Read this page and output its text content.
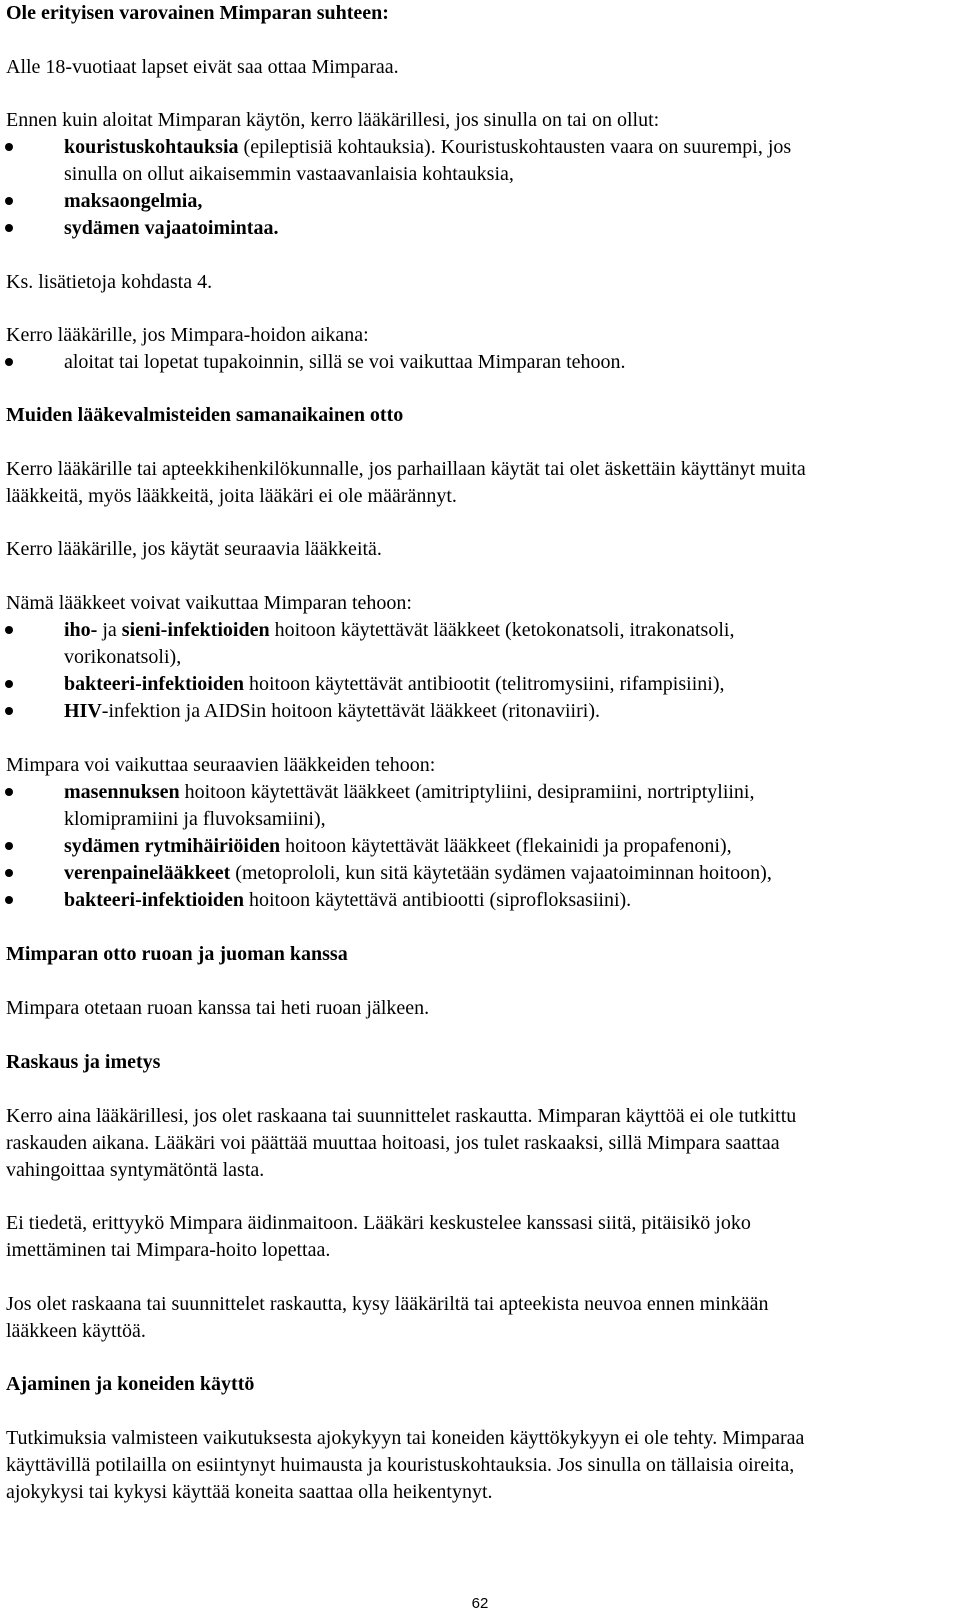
Ole erityisen varovainen Mimparan suhteen:
Alle 18-vuotiaat lapset eivät saa ottaa Mimparaa.
Ennen kuin aloitat Mimparan käytön, kerro lääkärillesi, jos sinulla on tai on ollut:
kouristuskohtauksia (epileptisiä kohtauksia). Kouristuskohtausten vaara on suurempi, jos
sinulla on ollut aikaisemmin vastaavanlaisia kohtauksia,
maksaongelmia,
sydämen vajaatoimintaa.
Ks. lisätietoja kohdasta 4.
Kerro lääkärille, jos Mimpara-hoidon aikana:
aloitat tai lopetat tupakoinnin, sillä se voi vaikuttaa Mimparan tehoon.
Muiden lääkevalmisteiden samanaikainen otto
Kerro lääkärille tai apteekkihenkilökunnalle, jos parhaillaan käytät tai olet äskettäin käyttänyt muita
lääkkeitä, myös lääkkeitä, joita lääkäri ei ole määrännyt.
Kerro lääkärille, jos käytät seuraavia lääkkeitä.
Nämä lääkkeet voivat vaikuttaa Mimparan tehoon:
iho- ja sieni-infektioiden hoitoon käytettävät lääkkeet (ketokonatsoli, itrakonatsoli,
vorikonatsoli),
bakteeri-infektioiden hoitoon käytettävät antibiootit (telitromysiini, rifampisiini),
HIV-infektion ja AIDSin hoitoon käytettävät lääkkeet (ritonaviiri).
Mimpara voi vaikuttaa seuraavien lääkkeiden tehoon:
masennuksen hoitoon käytettävät lääkkeet (amitriptyliini, desipramiini, nortriptyliini,
klomipramiini ja fluvoksamiini),
sydämen rytmihäiriöiden hoitoon käytettävät lääkkeet (flekainidi ja propafenoni),
verenpainelääkkeet (metoprololi, kun sitä käytetään sydämen vajaatoiminnan hoitoon),
bakteeri-infektioiden hoitoon käytettävä antibiootti (siprofloksasiini).
Mimparan otto ruoan ja juoman kanssa
Mimpara otetaan ruoan kanssa tai heti ruoan jälkeen.
Raskaus ja imetys
Kerro aina lääkärillesi, jos olet raskaana tai suunnittelet raskautta. Mimparan käyttöä ei ole tutkittu
raskauden aikana. Lääkäri voi päättää muuttaa hoitoasi, jos tulet raskaaksi, sillä Mimpara saattaa
vahingoittaa syntymätöntä lasta.
Ei tiedetä, erittyykö Mimpara äidinmaitoon. Lääkäri keskustelee kanssasi siitä, pitäisikö joko
imettäminen tai Mimpara-hoito lopettaa.
Jos olet raskaana tai suunnittelet raskautta, kysy lääkäriltä tai apteekista neuvoa ennen minkään
lääkkeen käyttöä.
Ajaminen ja koneiden käyttö
Tutkimuksia valmisteen vaikutuksesta ajokykyyn tai koneiden käyttökykyyn ei ole tehty. Mimparaa
käyttävillä potilailla on esiintynyt huimausta ja kouristuskohtauksia. Jos sinulla on tällaisia oireita,
ajokykysi tai kykysi käyttää koneita saattaa olla heikentynyt.
62
